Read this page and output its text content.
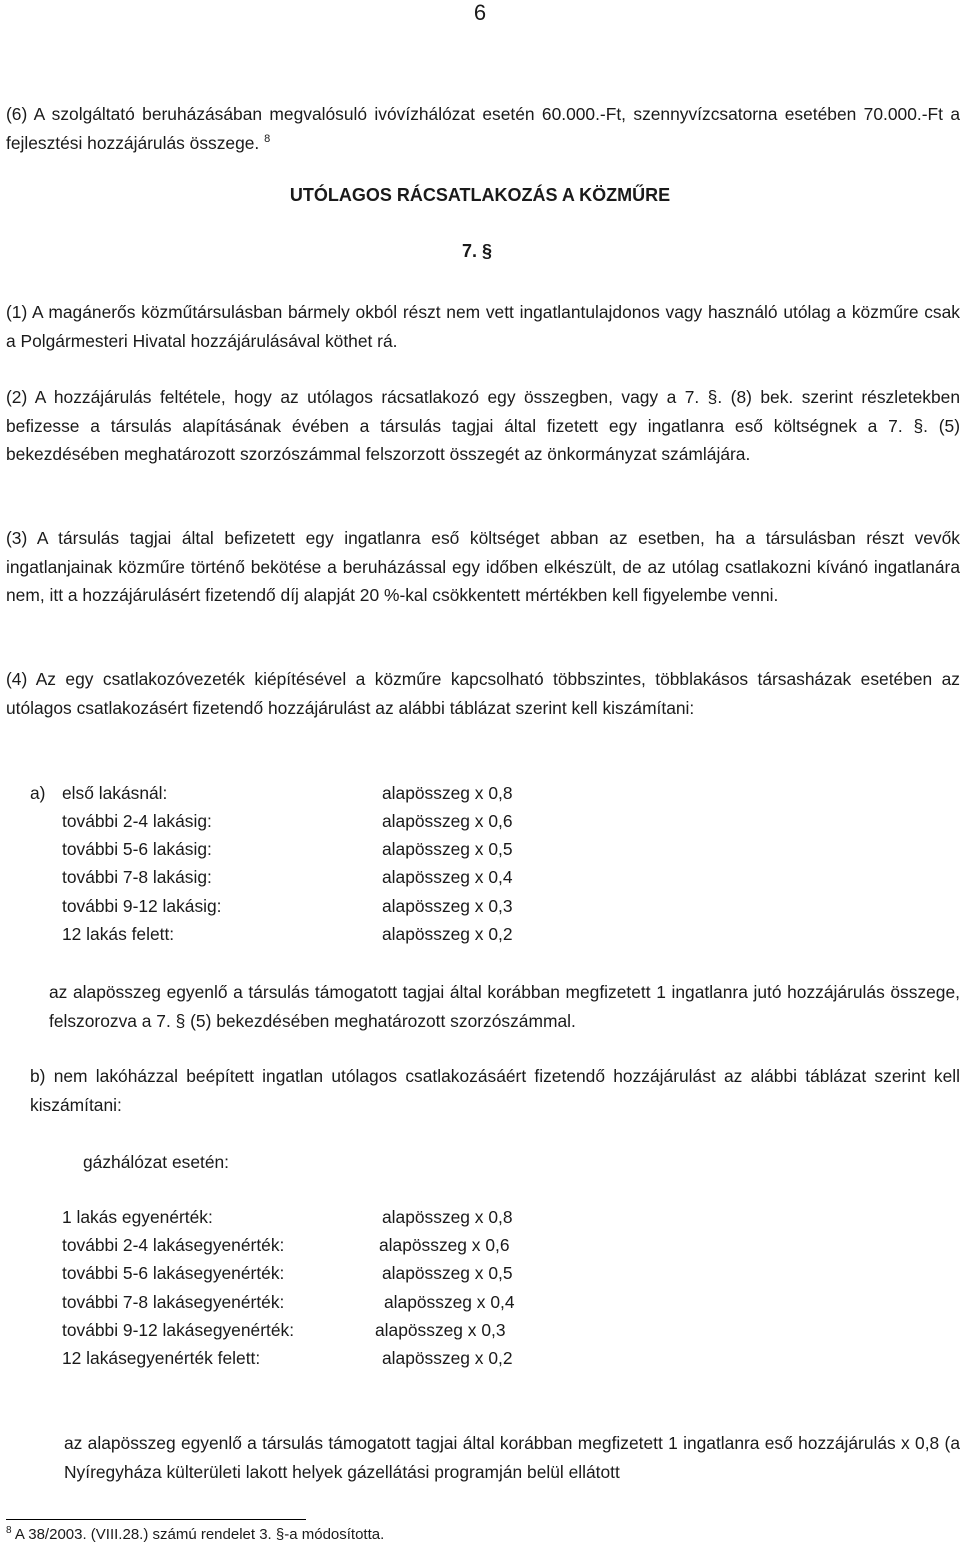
6
(6) A szolgáltató beruházásában megvalósuló ivóvízhálózat esetén 60.000.-Ft, szennyvízcsatorna esetében 70.000.-Ft a fejlesztési hozzájárulás összege. $^8$
UTÓLAGOS RÁCSATLAKOZÁS A KÖZMŰRE
7. §
(1) A magánerős közműtársulásban bármely okból részt nem vett ingatlantulajdonos vagy használó utólag a közműre csak a Polgármesteri Hivatal hozzájárulásával köthet rá.
(2) A hozzájárulás feltétele, hogy az utólagos rácsatlakozó egy összegben, vagy a 7. §. (8) bek. szerint részletekben befizesse a társulás alapításának évében a társulás tagjai által fizetett egy ingatlanra eső költségnek a 7. §. (5) bekezdésében meghatározott szorzószámmal felszorzott összegét az önkormányzat számlájára.
(3) A társulás tagjai által befizetett egy ingatlanra eső költséget abban az esetben, ha a társulásban részt vevők ingatlanjainak közműre történő bekötése a beruházással egy időben elkészült, de az utólag csatlakozni kívánó ingatlanára nem, itt a hozzájárulásért fizetendő díj alapját 20 %-kal csökkentett mértékben kell figyelembe venni.
(4) Az egy csatlakozóvezeték kiépítésével a közműre kapcsolható többszintes, többlakásos társasházak esetében az utólagos csatlakozásért fizetendő hozzájárulást az alábbi táblázat szerint kell kiszámítani:
a) első lakásnál:	alapösszeg x 0,8
további 2-4 lakásig:	alapösszeg x 0,6
további 5-6 lakásig:	alapösszeg x 0,5
további 7-8 lakásig:	alapösszeg x 0,4
további 9-12 lakásig:	alapösszeg x 0,3
12 lakás felett:	alapösszeg x 0,2
az alapösszeg egyenlő a társulás támogatott tagjai által korábban megfizetett 1 ingatlanra jutó hozzájárulás összege, felszorozva a 7. § (5) bekezdésében meghatározott szorzószámmal.
b) nem lakóházzal beépített ingatlan utólagos csatlakozásáért fizetendő hozzájárulást az alábbi táblázat szerint kell kiszámítani:
gázhálózat esetén:
1 lakás egyenérték:	alapösszeg x 0,8
további 2-4 lakásegyenérték:	alapösszeg x 0,6
további 5-6 lakásegyenérték:	alapösszeg x 0,5
további 7-8 lakásegyenérték:	alapösszeg x 0,4
további 9-12 lakásegyenérték:	alapösszeg x 0,3
12 lakásegyenérték felett:	alapösszeg x 0,2
az alapösszeg egyenlő a társulás támogatott tagjai által korábban megfizetett 1 ingatlanra eső hozzájárulás x 0,8 (a Nyíregyháza külterületi lakott helyek gázellátási programján belül ellátott
$^8$ A 38/2003. (VIII.28.) számú rendelet 3. §-a módosította.
